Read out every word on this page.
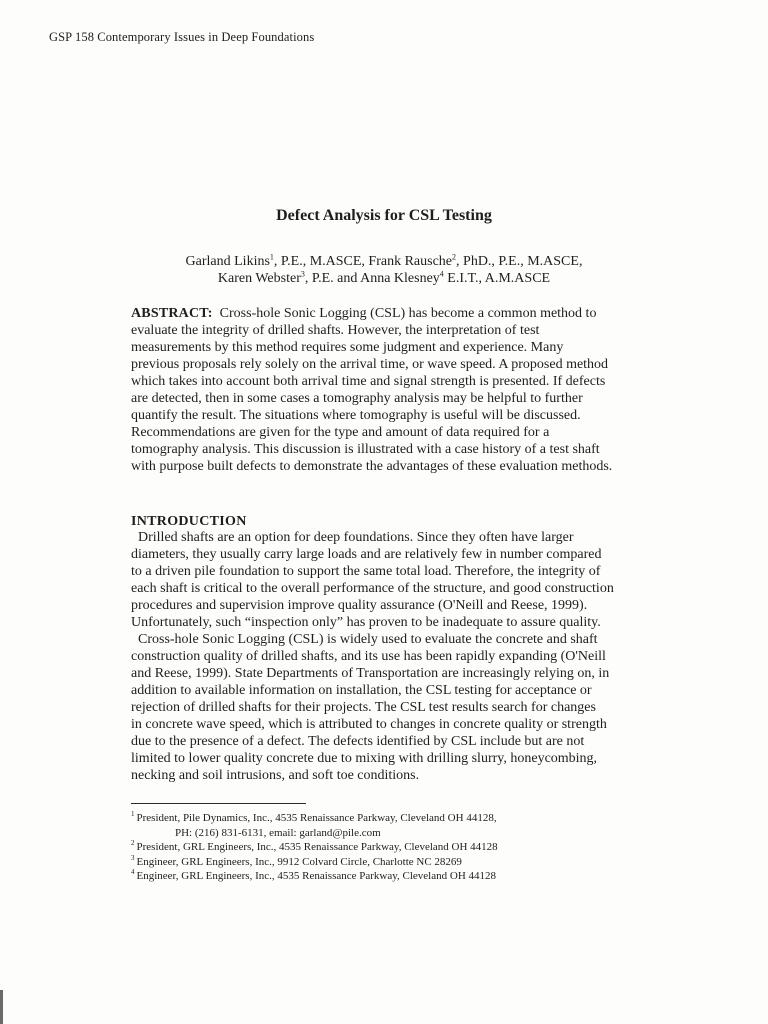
GSP 158 Contemporary Issues in Deep Foundations
Defect Analysis for CSL Testing
Garland Likins$^1$, P.E., M.ASCE, Frank Rausche$^2$, PhD., P.E., M.ASCE,
Karen Webster$^3$, P.E. and Anna Klesney$^4$ E.I.T., A.M.ASCE
ABSTRACT:  Cross-hole Sonic Logging (CSL) has become a common method to
evaluate the integrity of drilled shafts. However, the interpretation of test
measurements by this method requires some judgment and experience. Many
previous proposals rely solely on the arrival time, or wave speed. A proposed method
which takes into account both arrival time and signal strength is presented. If defects
are detected, then in some cases a tomography analysis may be helpful to further
quantify the result. The situations where tomography is useful will be discussed.
Recommendations are given for the type and amount of data required for a
tomography analysis. This discussion is illustrated with a case history of a test shaft
with purpose built defects to demonstrate the advantages of these evaluation methods.
INTRODUCTION
Drilled shafts are an option for deep foundations. Since they often have larger
diameters, they usually carry large loads and are relatively few in number compared
to a driven pile foundation to support the same total load. Therefore, the integrity of
each shaft is critical to the overall performance of the structure, and good construction
procedures and supervision improve quality assurance (O'Neill and Reese, 1999).
Unfortunately, such “inspection only” has proven to be inadequate to assure quality.
Cross-hole Sonic Logging (CSL) is widely used to evaluate the concrete and shaft
construction quality of drilled shafts, and its use has been rapidly expanding (O'Neill
and Reese, 1999). State Departments of Transportation are increasingly relying on, in
addition to available information on installation, the CSL testing for acceptance or
rejection of drilled shafts for their projects. The CSL test results search for changes
in concrete wave speed, which is attributed to changes in concrete quality or strength
due to the presence of a defect. The defects identified by CSL include but are not
limited to lower quality concrete due to mixing with drilling slurry, honeycombing,
necking and soil intrusions, and soft toe conditions.
$^1$ President, Pile Dynamics, Inc., 4535 Renaissance Parkway, Cleveland OH 44128,
PH: (216) 831-6131, email: garland@pile.com
$^2$ President, GRL Engineers, Inc., 4535 Renaissance Parkway, Cleveland OH 44128
$^3$ Engineer, GRL Engineers, Inc., 9912 Colvard Circle, Charlotte NC 28269
$^4$ Engineer, GRL Engineers, Inc., 4535 Renaissance Parkway, Cleveland OH 44128
